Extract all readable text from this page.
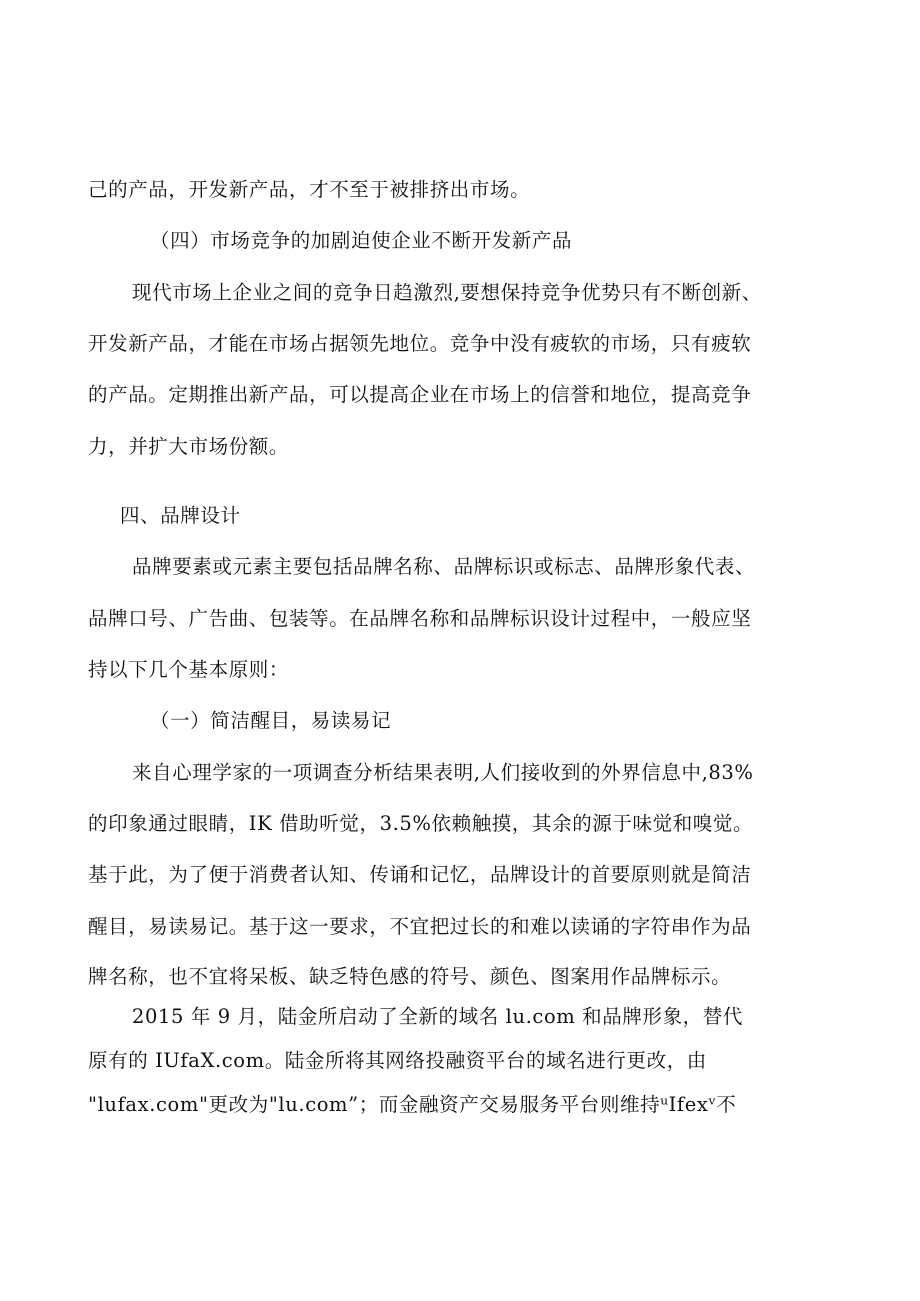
己的产品，开发新产品，才不至于被排挤出市场。
（四）市场竞争的加剧迫使企业不断开发新产品
现代市场上企业之间的竞争日趋激烈,要想保持竞争优势只有不断创新、
开发新产品，才能在市场占据领先地位。竞争中没有疲软的市场，只有疲软
的产品。定期推出新产品，可以提高企业在市场上的信誉和地位，提高竞争
力，并扩大市场份额。
四、品牌设计
品牌要素或元素主要包括品牌名称、品牌标识或标志、品牌形象代表、
品牌口号、广告曲、包装等。在品牌名称和品牌标识设计过程中，一般应坚
持以下几个基本原则：
（一）简洁醒目，易读易记
来自心理学家的一项调查分析结果表明,人们接收到的外界信息中,83%
的印象通过眼睛，IK 借助听觉，3.5%依赖触摸，其余的源于味觉和嗅觉。
基于此，为了便于消费者认知、传诵和记忆，品牌设计的首要原则就是简洁
醒目，易读易记。基于这一要求，不宜把过长的和难以读诵的字符串作为品
牌名称，也不宜将呆板、缺乏特色感的符号、颜色、图案用作品牌标示。
2015 年 9 月，陆金所启动了全新的域名 lu.com 和品牌形象，替代
原有的 IUfaX.com。陆金所将其网络投融资平台的域名进行更改，由
"lufax.com"更改为"lu.com”；而金融资产交易服务平台则维持ᵘIfexᵛ不
